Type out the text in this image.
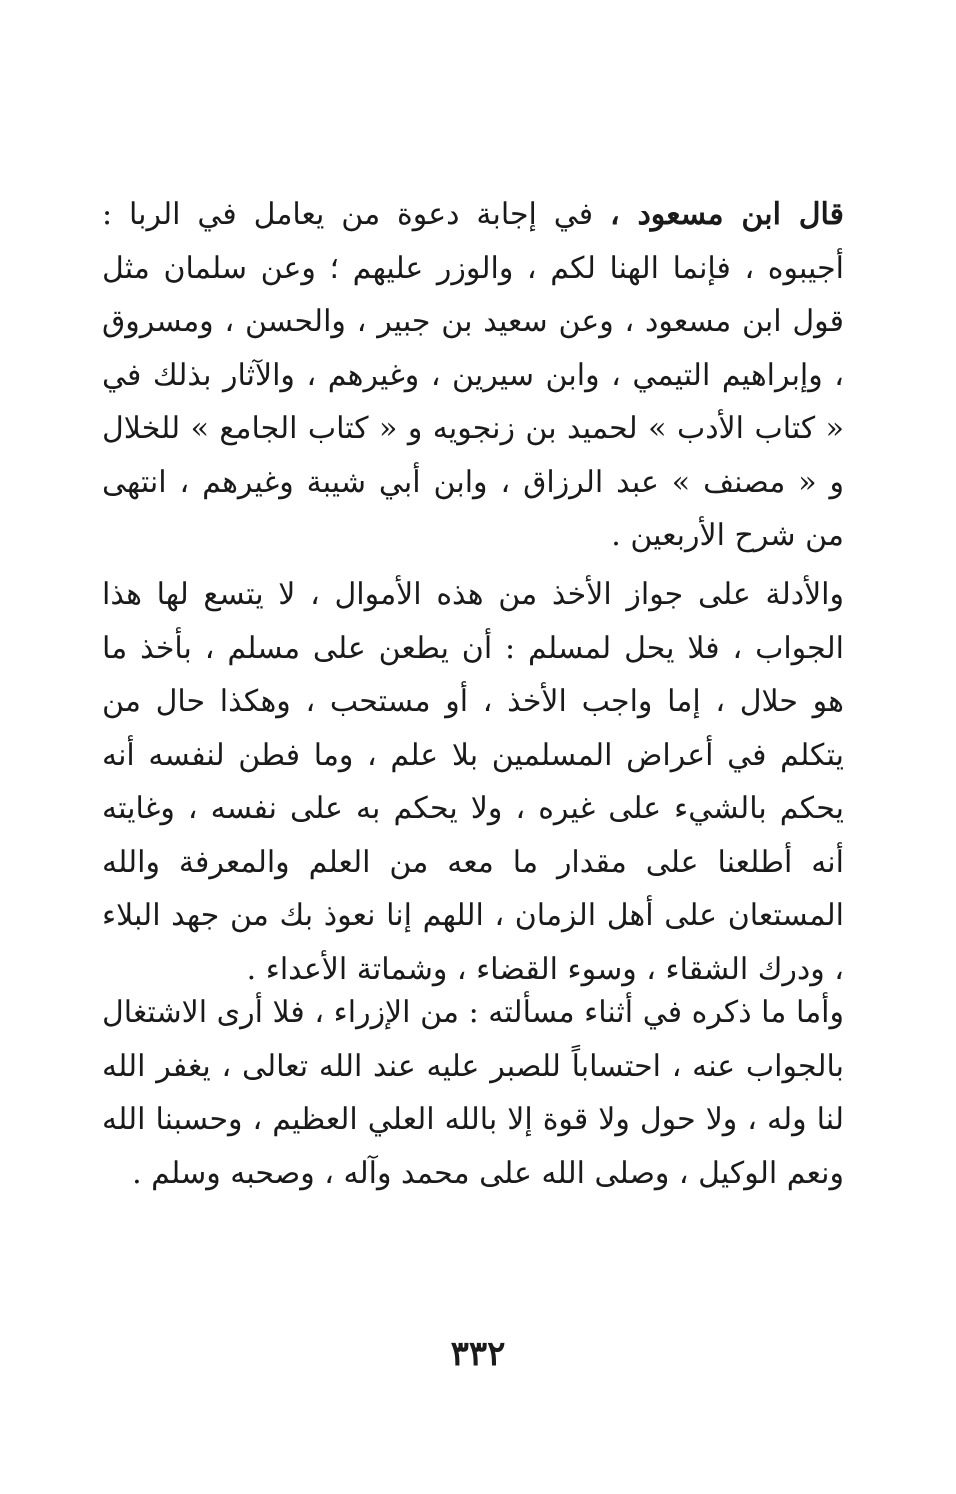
قال ابن مسعود ، في إجابة دعوة من يعامل في الربا : أجيبوه ، فإنما الهنا لكم ، والوزر عليهم ؛ وعن سلمان مثل قول ابن مسعود ، وعن سعيد بن جبير ، والحسن ، ومسروق ، وإبراهيم التيمي ، وابن سيرين ، وغيرهم ، والآثار بذلك في « كتاب الأدب » لحميد بن زنجويه و « كتاب الجامع » للخلال و « مصنف » عبد الرزاق ، وابن أبي شيبة وغيرهم ، انتهى من شرح الأربعين .

والأدلة على جواز الأخذ من هذه الأموال ، لا يتسع لها هذا الجواب ، فلا يحل لمسلم : أن يطعن على مسلم ، بأخذ ما هو حلال ، إما واجب الأخذ ، أو مستحب ، وهكذا حال من يتكلم في أعراض المسلمين بلا علم ، وما فطن لنفسه أنه يحكم بالشيء على غيره ، ولا يحكم به على نفسه ، وغايته أنه أطلعنا على مقدار ما معه من العلم والمعرفة والله المستعان على أهل الزمان ، اللهم إنا نعوذ بك من جهد البلاء ، ودرك الشقاء ، وسوء القضاء ، وشماتة الأعداء .

وأما ما ذكره في أثناء مسألته : من الإزراء ، فلا أرى الاشتغال بالجواب عنه ، احتساباً للصبر عليه عند الله تعالى ، يغفر الله لنا وله ، ولا حول ولا قوة إلا بالله العلي العظيم ، وحسبنا الله ونعم الوكيل ، وصلى الله على محمد وآله ، وصحبه وسلم .

٣٣٢
